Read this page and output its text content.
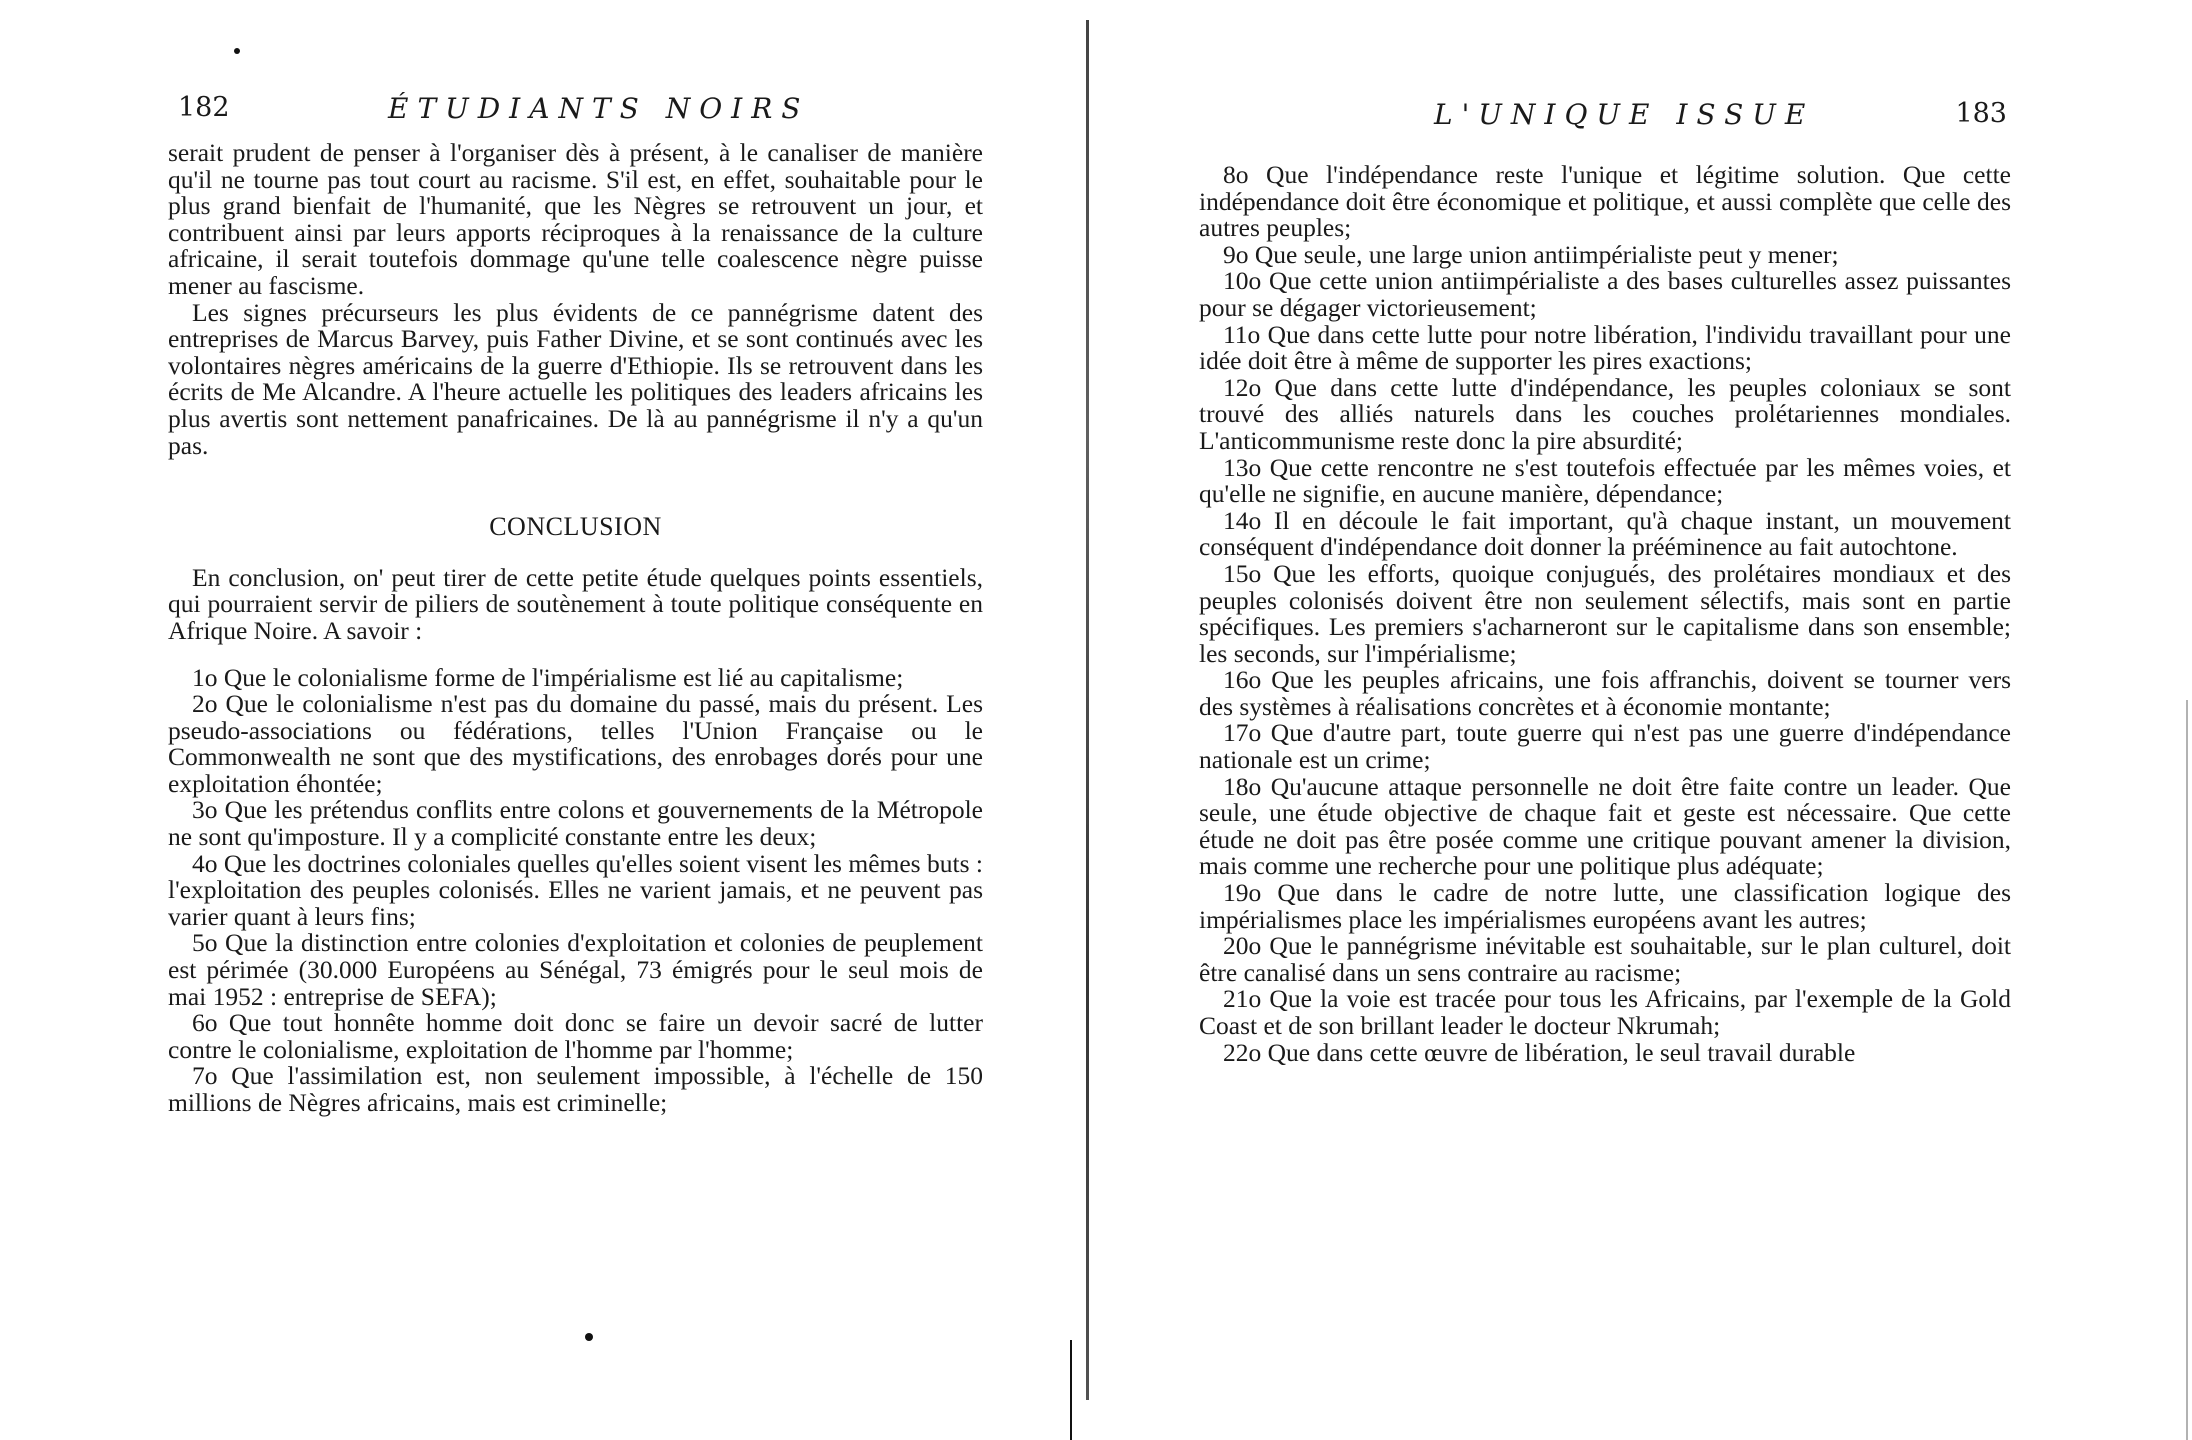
182	ÉTUDIANTS NOIRS

serait prudent de penser à l'organiser dès à présent, à le canaliser de manière qu'il ne tourne pas tout court au racisme. S'il est, en effet, souhaitable pour le plus grand bienfait de l'humanité, que les Nègres se retrouvent un jour, et contribuent ainsi par leurs apports réciproques à la renaissance de la culture africaine, il serait toutefois dommage qu'une telle coalescence nègre puisse mener au fascisme.

Les signes précurseurs les plus évidents de ce pannégrisme datent des entreprises de Marcus Barvey, puis Father Divine, et se sont continués avec les volontaires nègres américains de la guerre d'Ethiopie. Ils se retrouvent dans les écrits de Me Alcandre. A l'heure actuelle les politiques des leaders africains les plus avertis sont nettement panafricaines. De là au pannégrisme il n'y a qu'un pas.

CONCLUSION

En conclusion, on' peut tirer de cette petite étude quelques points essentiels, qui pourraient servir de piliers de soutènement à toute politique conséquente en Afrique Noire. A savoir :

1o Que le colonialisme forme de l'impérialisme est lié au capitalisme;

2o Que le colonialisme n'est pas du domaine du passé, mais du présent. Les pseudo-associations ou fédérations, telles l'Union Française ou le Commonwealth ne sont que des mystifications, des enrobages dorés pour une exploitation éhontée;

3o Que les prétendus conflits entre colons et gouvernements de la Métropole ne sont qu'imposture. Il y a complicité constante entre les deux;

4o Que les doctrines coloniales quelles qu'elles soient visent les mêmes buts : l'exploitation des peuples colonisés. Elles ne varient jamais, et ne peuvent pas varier quant à leurs fins;

5o Que la distinction entre colonies d'exploitation et colonies de peuplement est périmée (30.000 Européens au Sénégal, 73 émigrés pour le seul mois de mai 1952 : entreprise de SEFA);

6o Que tout honnête homme doit donc se faire un devoir sacré de lutter contre le colonialisme, exploitation de l'homme par l'homme;

7o Que l'assimilation est, non seulement impossible, à l'échelle de 150 millions de Nègres africains, mais est criminelle;

L'UNIQUE ISSUE	183

8o Que l'indépendance reste l'unique et légitime solution. Que cette indépendance doit être économique et politique, et aussi complète que celle des autres peuples;

9o Que seule, une large union antiimpérialiste peut y mener;

10o Que cette union antiimpérialiste a des bases culturelles assez puissantes pour se dégager victorieusement;

11o Que dans cette lutte pour notre libération, l'individu travaillant pour une idée doit être à même de supporter les pires exactions;

12o Que dans cette lutte d'indépendance, les peuples coloniaux se sont trouvé des alliés naturels dans les couches prolétariennes mondiales. L'anticommunisme reste donc la pire absurdité;

13o Que cette rencontre ne s'est toutefois effectuée par les mêmes voies, et qu'elle ne signifie, en aucune manière, dépendance;

14o Il en découle le fait important, qu'à chaque instant, un mouvement conséquent d'indépendance doit donner la prééminence au fait autochtone.

15o Que les efforts, quoique conjugués, des prolétaires mondiaux et des peuples colonisés doivent être non seulement sélectifs, mais sont en partie spécifiques. Les premiers s'acharneront sur le capitalisme dans son ensemble; les seconds, sur l'impérialisme;

16o Que les peuples africains, une fois affranchis, doivent se tourner vers des systèmes à réalisations concrètes et à économie montante;

17o Que d'autre part, toute guerre qui n'est pas une guerre d'indépendance nationale est un crime;

18o Qu'aucune attaque personnelle ne doit être faite contre un leader. Que seule, une étude objective de chaque fait et geste est nécessaire. Que cette étude ne doit pas être posée comme une critique pouvant amener la division, mais comme une recherche pour une politique plus adéquate;

19o Que dans le cadre de notre lutte, une classification logique des impérialismes place les impérialismes européens avant les autres;

20o Que le pannégrisme inévitable est souhaitable, sur le plan culturel, doit être canalisé dans un sens contraire au racisme;

21o Que la voie est tracée pour tous les Africains, par l'exemple de la Gold Coast et de son brillant leader le docteur Nkrumah;

22o Que dans cette œuvre de libération, le seul travail durable
